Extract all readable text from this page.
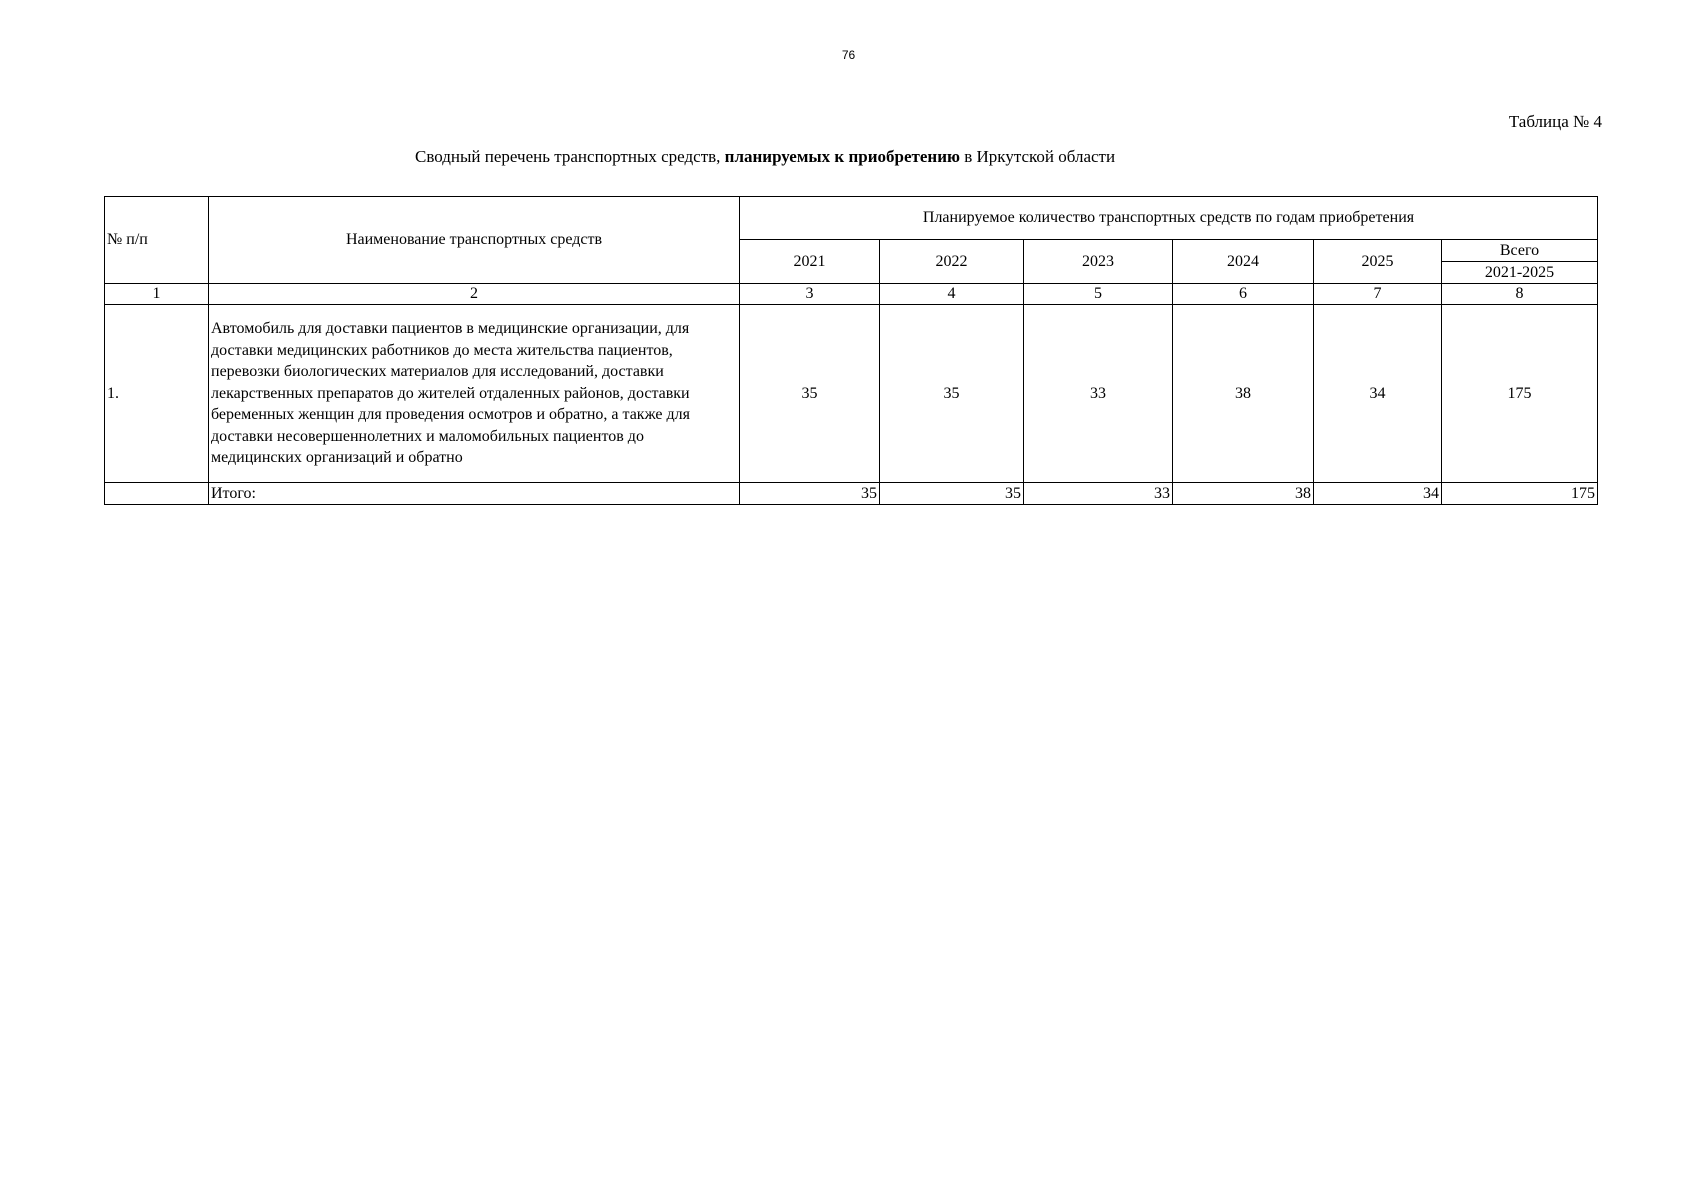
76
Таблица № 4
Сводный перечень транспортных средств, планируемых к приобретению в Иркутской области
№ п/п	Наименование транспортных средств	Планируемое количество транспортных средств по годам приобретения					
		2021	2022	2023	2024	2025	Всего
							2021-2025
1	2	3	4	5	6	7	8
1.	Автомобиль для доставки пациентов в медицинские организации, для доставки медицинских работников до места жительства пациентов, перевозки биологических материалов для исследований, доставки лекарственных препаратов до жителей отдаленных районов, доставки беременных женщин для проведения осмотров и обратно, а также для доставки несовершеннолетних и маломобильных пациентов до медицинских организаций и обратно	35	35	33	38	34	175
	Итого:	35	35	33	38	34	175
